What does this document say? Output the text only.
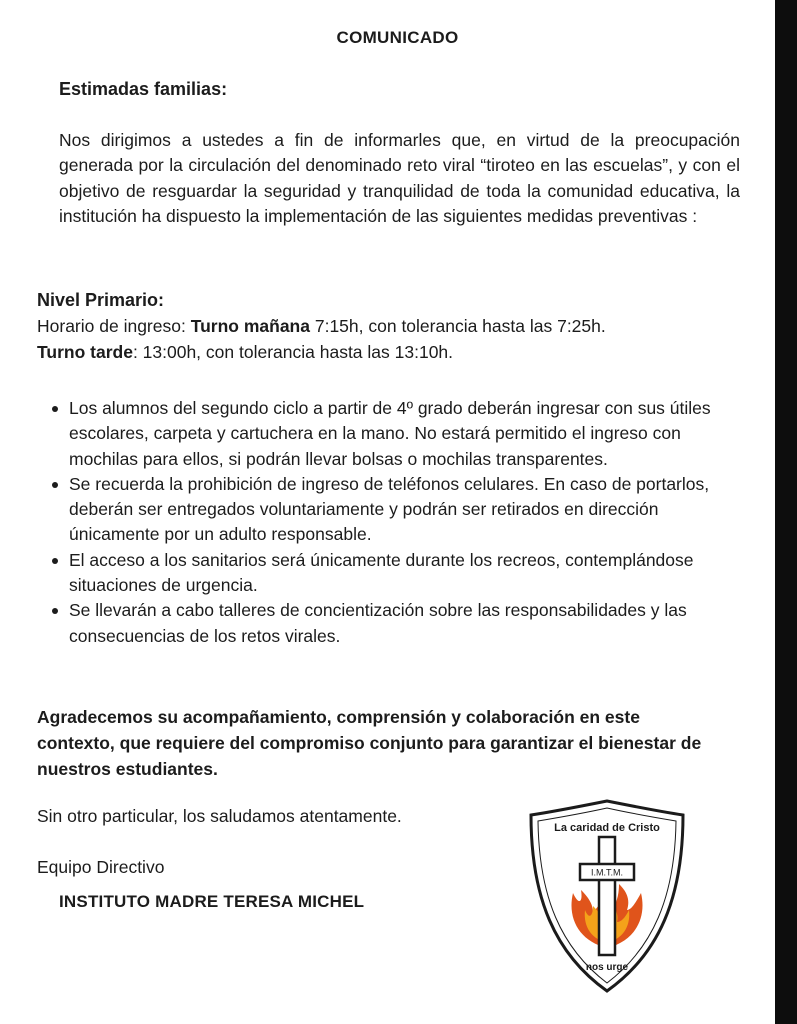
COMUNICADO
Estimadas familias:

Nos dirigimos a ustedes a fin de informarles que, en virtud de la preocupación generada por la circulación del denominado reto viral “tiroteo en las escuelas”, y con el objetivo de resguardar la seguridad y tranquilidad de toda la comunidad educativa, la institución ha dispuesto la implementación de las siguientes medidas preventivas :

Nivel Primario:
Horario de ingreso: Turno mañana 7:15h, con tolerancia hasta las 7:25h.
Turno tarde: 13:00h, con tolerancia hasta las 13:10h.
Los alumnos del segundo ciclo a partir de 4º grado deberán ingresar con sus útiles escolares, carpeta y cartuchera en la mano. No estará permitido el ingreso con mochilas para ellos, si podrán llevar bolsas o mochilas transparentes.
Se recuerda la prohibición de ingreso de teléfonos celulares. En caso de portarlos, deberán ser entregados voluntariamente y podrán ser retirados en dirección únicamente por un adulto responsable.
El acceso a los sanitarios será únicamente durante los recreos, contemplándose situaciones de urgencia.
Se llevarán a cabo talleres de concientización sobre las responsabilidades y las consecuencias de los retos virales.

Agradecemos su acompañamiento, comprensión y colaboración en este contexto, que requiere del compromiso conjunto para garantizar el bienestar de nuestros estudiantes.

Sin otro particular, los saludamos atentamente.
Equipo Directivo
INSTITUTO MADRE TERESA MICHEL
La caridad de Cristo
I.M.T.M.
nos urge
